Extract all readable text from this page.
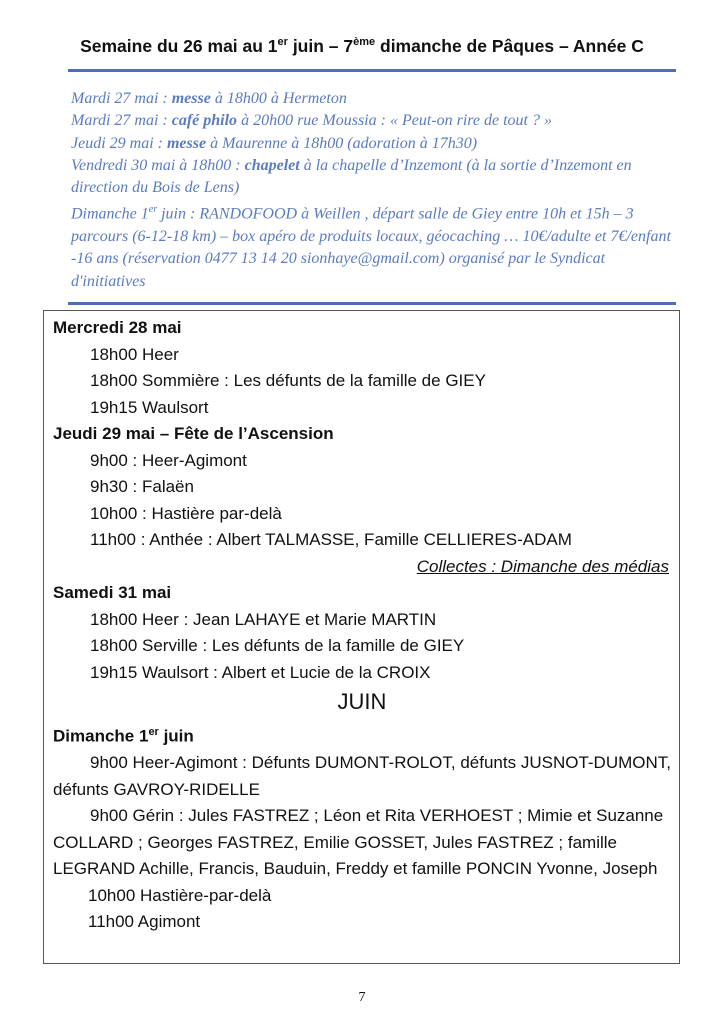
Semaine du 26 mai au 1er juin – 7ème dimanche de Pâques – Année C

Mardi 27 mai : messe à 18h00 à Hermeton

Mardi 27 mai : café philo à 20h00 rue Moussia : « Peut-on rire de tout ? »

Jeudi 29 mai : messe à Maurenne à 18h00 (adoration à 17h30)

Vendredi 30 mai à 18h00 : chapelet à la chapelle d’Inzemont (à la sortie d’Inzemont en direction du Bois de Lens)

Dimanche 1er juin : RANDOFOOD à Weillen , départ salle de Giey entre 10h et 15h – 3 parcours (6-12-18 km) – box apéro de produits locaux, géocaching … 10€/adulte et 7€/enfant -16 ans (réservation 0477 13 14 20 sionhaye@gmail.com) organisé par le Syndicat d'initiatives

Mercredi 28 mai

18h00 Heer

18h00 Sommière : Les défunts de la famille de GIEY

19h15 Waulsort

Jeudi 29 mai – Fête de l’Ascension

9h00 : Heer-Agimont

9h30 : Falaën

10h00 : Hastière par-delà

11h00 : Anthée : Albert TALMASSE, Famille CELLIERES-ADAM

Collectes : Dimanche des médias

Samedi 31 mai

18h00 Heer : Jean LAHAYE et Marie MARTIN

18h00 Serville : Les défunts de la famille de GIEY

19h15 Waulsort : Albert et Lucie de la CROIX

JUIN

Dimanche 1er juin

9h00 Heer-Agimont : Défunts DUMONT-ROLOT, défunts JUSNOT-DUMONT, défunts GAVROY-RIDELLE

9h00 Gérin : Jules FASTREZ ; Léon et Rita VERHOEST ; Mimie et Suzanne COLLARD ; Georges FASTREZ, Emilie GOSSET, Jules FASTREZ ; famille LEGRAND Achille, Francis, Bauduin, Freddy et famille PONCIN Yvonne, Joseph

10h00 Hastière-par-delà

11h00 Agimont

7
